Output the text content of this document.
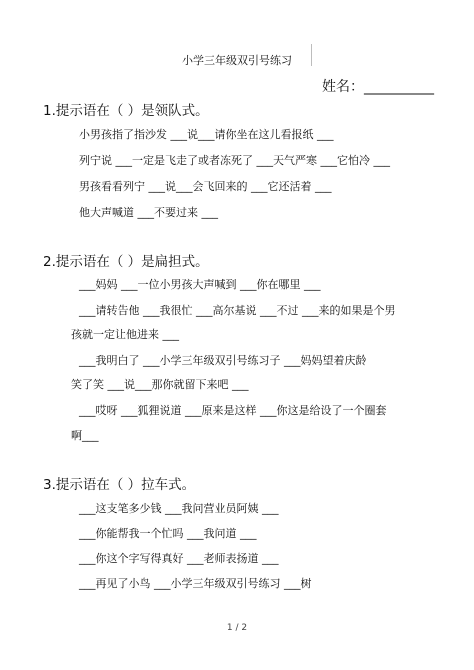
小学三年级双引号练习
姓名：__________
1.提示语在（ ）是领队式。
小男孩指了指沙发 ___说___请你坐在这儿看报纸 ___
列宁说 ___一定是飞走了或者冻死了 ___天气严寒 ___它怕冷 ___
男孩看看列宁 ___说___会飞回来的 ___它还活着 ___
他大声喊道 ___不要过来 ___
2.提示语在（ ）是扁担式。
___妈妈 ___一位小男孩大声喊到 ___你在哪里 ___
___请转告他 ___我很忙 ___高尔基说 ___不过 ___来的如果是个男
孩就一定让他进来 ___
___我明白了 ___小学三年级双引号练习子 ___妈妈望着庆龄
笑了笑 ___说___那你就留下来吧 ___
___哎呀 ___狐狸说道 ___原来是这样 ___你这是给设了一个圈套
啊___
3.提示语在（ ）拉车式。
___这支笔多少钱 ___我问营业员阿姨 ___
___你能帮我一个忙吗 ___我问道 ___
___你这个字写得真好 ___老师表扬道 ___
___再见了小鸟 ___小学三年级双引号练习 ___树
1 / 2
